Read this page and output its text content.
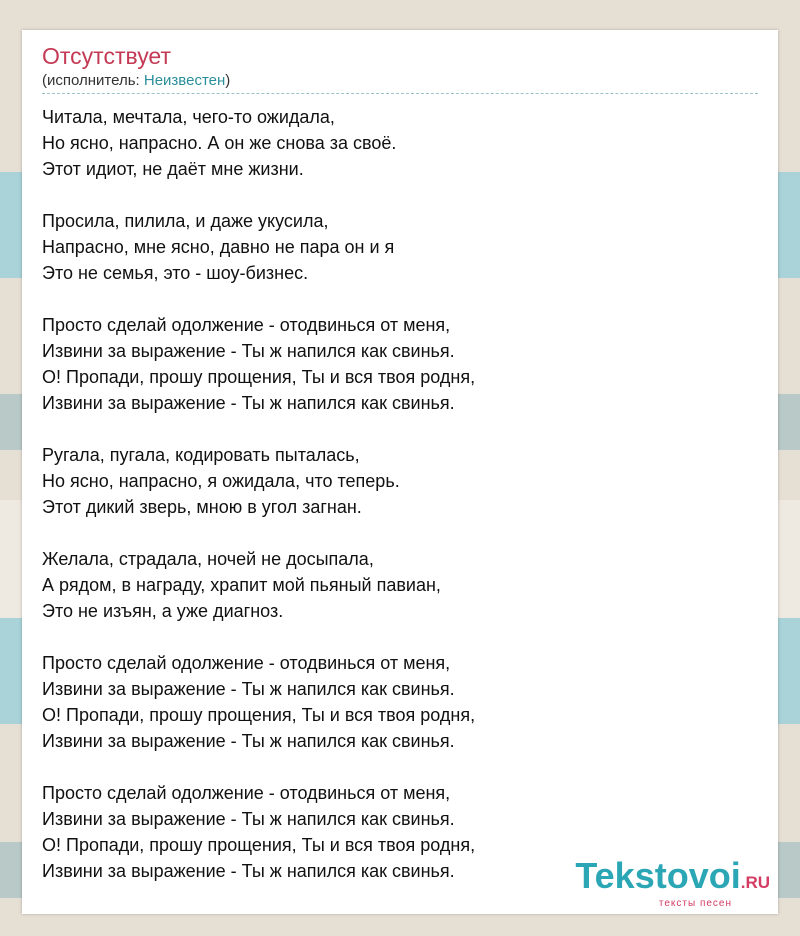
Отсутствует
(исполнитель: Неизвестен)
Читала, мечтала, чего-то ожидала,
Но ясно, напрасно. А он же снова за своё.
Этот идиот, не даёт мне жизни.
Просила, пилила, и даже укусила,
Напрасно, мне ясно, давно не пара он и я
Это не семья, это - шоу-бизнес.
Просто сделай одолжение - отодвинься от меня,
Извини за выражение - Ты ж напился как свинья.
О! Пропади, прошу прощения, Ты и вся твоя родня,
Извини за выражение - Ты ж напился как свинья.
Ругала, пугала, кодировать пыталась,
Но ясно, напрасно, я ожидала, что теперь.
Этот дикий зверь, мною в угол загнан.
Желала, страдала, ночей не досыпала,
А рядом, в награду, храпит мой пьяный павиан,
Это не изъян, а уже диагноз.
Просто сделай одолжение - отодвинься от меня,
Извини за выражение - Ты ж напился как свинья.
О! Пропади, прошу прощения, Ты и вся твоя родня,
Извини за выражение - Ты ж напился как свинья.
Просто сделай одолжение - отодвинься от меня,
Извини за выражение - Ты ж напился как свинья.
О! Пропади, прошу прощения, Ты и вся твоя родня,
Извини за выражение - Ты ж напился как свинья.	Tekstovoi.RU
тексты песен
